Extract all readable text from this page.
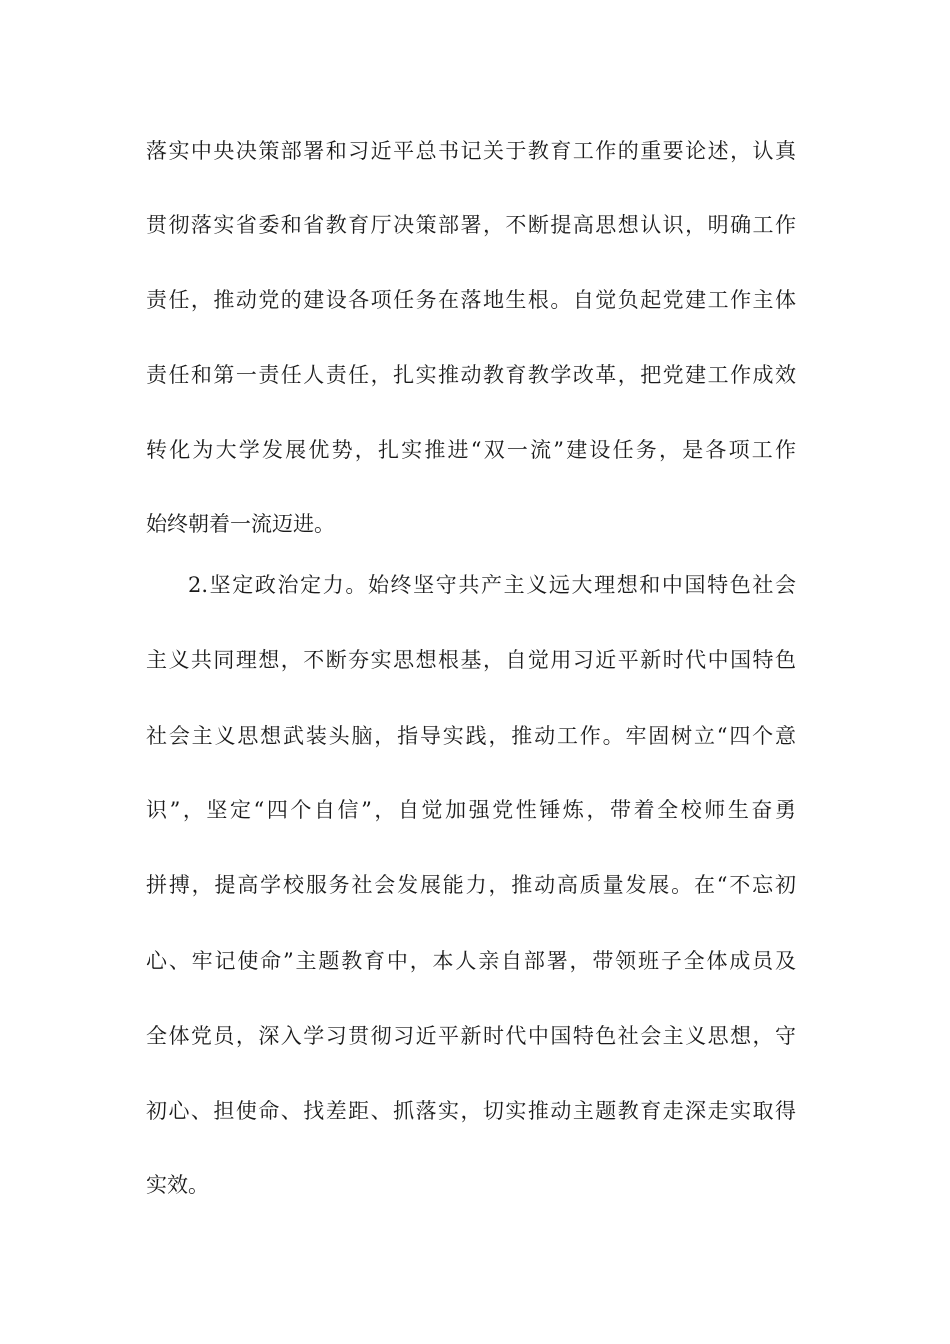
落实中央决策部署和习近平总书记关于教育工作的重要论述，认真

贯彻落实省委和省教育厅决策部署，不断提高思想认识，明确工作

责任，推动党的建设各项任务在落地生根。自觉负起党建工作主体

责任和第一责任人责任，扎实推动教育教学改革，把党建工作成效

转化为大学发展优势，扎实推进“双一流”建设任务，是各项工作

始终朝着一流迈进。

2.坚定政治定力。始终坚守共产主义远大理想和中国特色社会

主义共同理想，不断夯实思想根基，自觉用习近平新时代中国特色

社会主义思想武装头脑，指导实践，推动工作。牢固树立“四个意

识”，坚定“四个自信”，自觉加强党性锤炼，带着全校师生奋勇

拼搏，提高学校服务社会发展能力，推动高质量发展。在“不忘初

心、牢记使命”主题教育中，本人亲自部署，带领班子全体成员及

全体党员，深入学习贯彻习近平新时代中国特色社会主义思想，守

初心、担使命、找差距、抓落实，切实推动主题教育走深走实取得

实效。
